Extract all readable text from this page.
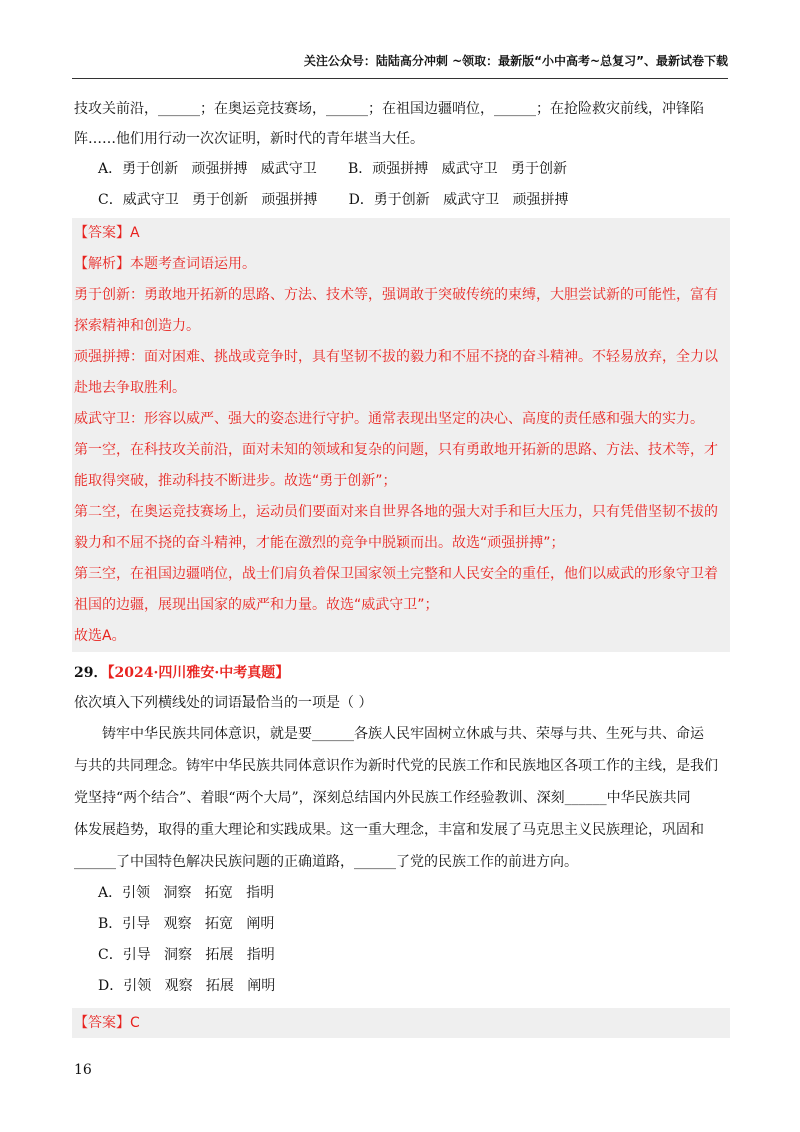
关注公众号：陆陆高分冲刺 ~领取：最新版“小中高考~总复习”、最新试卷下载

技攻关前沿，______；在奥运竞技赛场，______；在祖国边疆哨位，______；在抢险救灾前线，冲锋陷

阵……他们用行动一次次证明，新时代的青年堪当大任。

A．勇于创新   顽强拼搏   威武守卫       B．顽强拼搏   威武守卫   勇于创新

C．威武守卫   勇于创新   顽强拼搏       D．勇于创新   威武守卫   顽强拼搏

【答案】A

【解析】本题考查词语运用。

勇于创新：勇敢地开拓新的思路、方法、技术等，强调敢于突破传统的束缚，大胆尝试新的可能性，富有

探索精神和创造力。

顽强拼搏：面对困难、挑战或竞争时，具有坚韧不拔的毅力和不屈不挠的奋斗精神。不轻易放弃，全力以

赴地去争取胜利。

威武守卫：形容以威严、强大的姿态进行守护。通常表现出坚定的决心、高度的责任感和强大的实力。

第一空，在科技攻关前沿，面对未知的领域和复杂的问题，只有勇敢地开拓新的思路、方法、技术等，才

能取得突破，推动科技不断进步。故选“勇于创新”；

第二空，在奥运竞技赛场上，运动员们要面对来自世界各地的强大对手和巨大压力，只有凭借坚韧不拔的

毅力和不屈不挠的奋斗精神，才能在激烈的竞争中脱颖而出。故选“顽强拼搏”；

第三空，在祖国边疆哨位，战士们肩负着保卫国家领土完整和人民安全的重任，他们以威武的形象守卫着

祖国的边疆，展现出国家的威严和力量。故选“威武守卫”；

故选A。

29．【2024·四川雅安·中考真题】

依次填入下列横线处的词语最恰当 • • •的一项是（ ）

铸牢中华民族共同体意识，就是要______各族人民牢固树立休戚与共、荣辱与共、生死与共、命运

与共的共同理念。铸牢中华民族共同体意识作为新时代党的民族工作和民族地区各项工作的主线，是我们

党坚持“两个结合”、着眼“两个大局”，深刻总结国内外民族工作经验教训、深刻______中华民族共同

体发展趋势，取得的重大理论和实践成果。这一重大理念，丰富和发展了马克思主义民族理论，巩固和

______了中国特色解决民族问题的正确道路，______了党的民族工作的前进方向。

A．引领   洞察   拓宽   指明

B．引导   观察   拓宽   阐明

C．引导   洞察   拓展   指明

D．引领   观察   拓展   阐明

【答案】C
16
